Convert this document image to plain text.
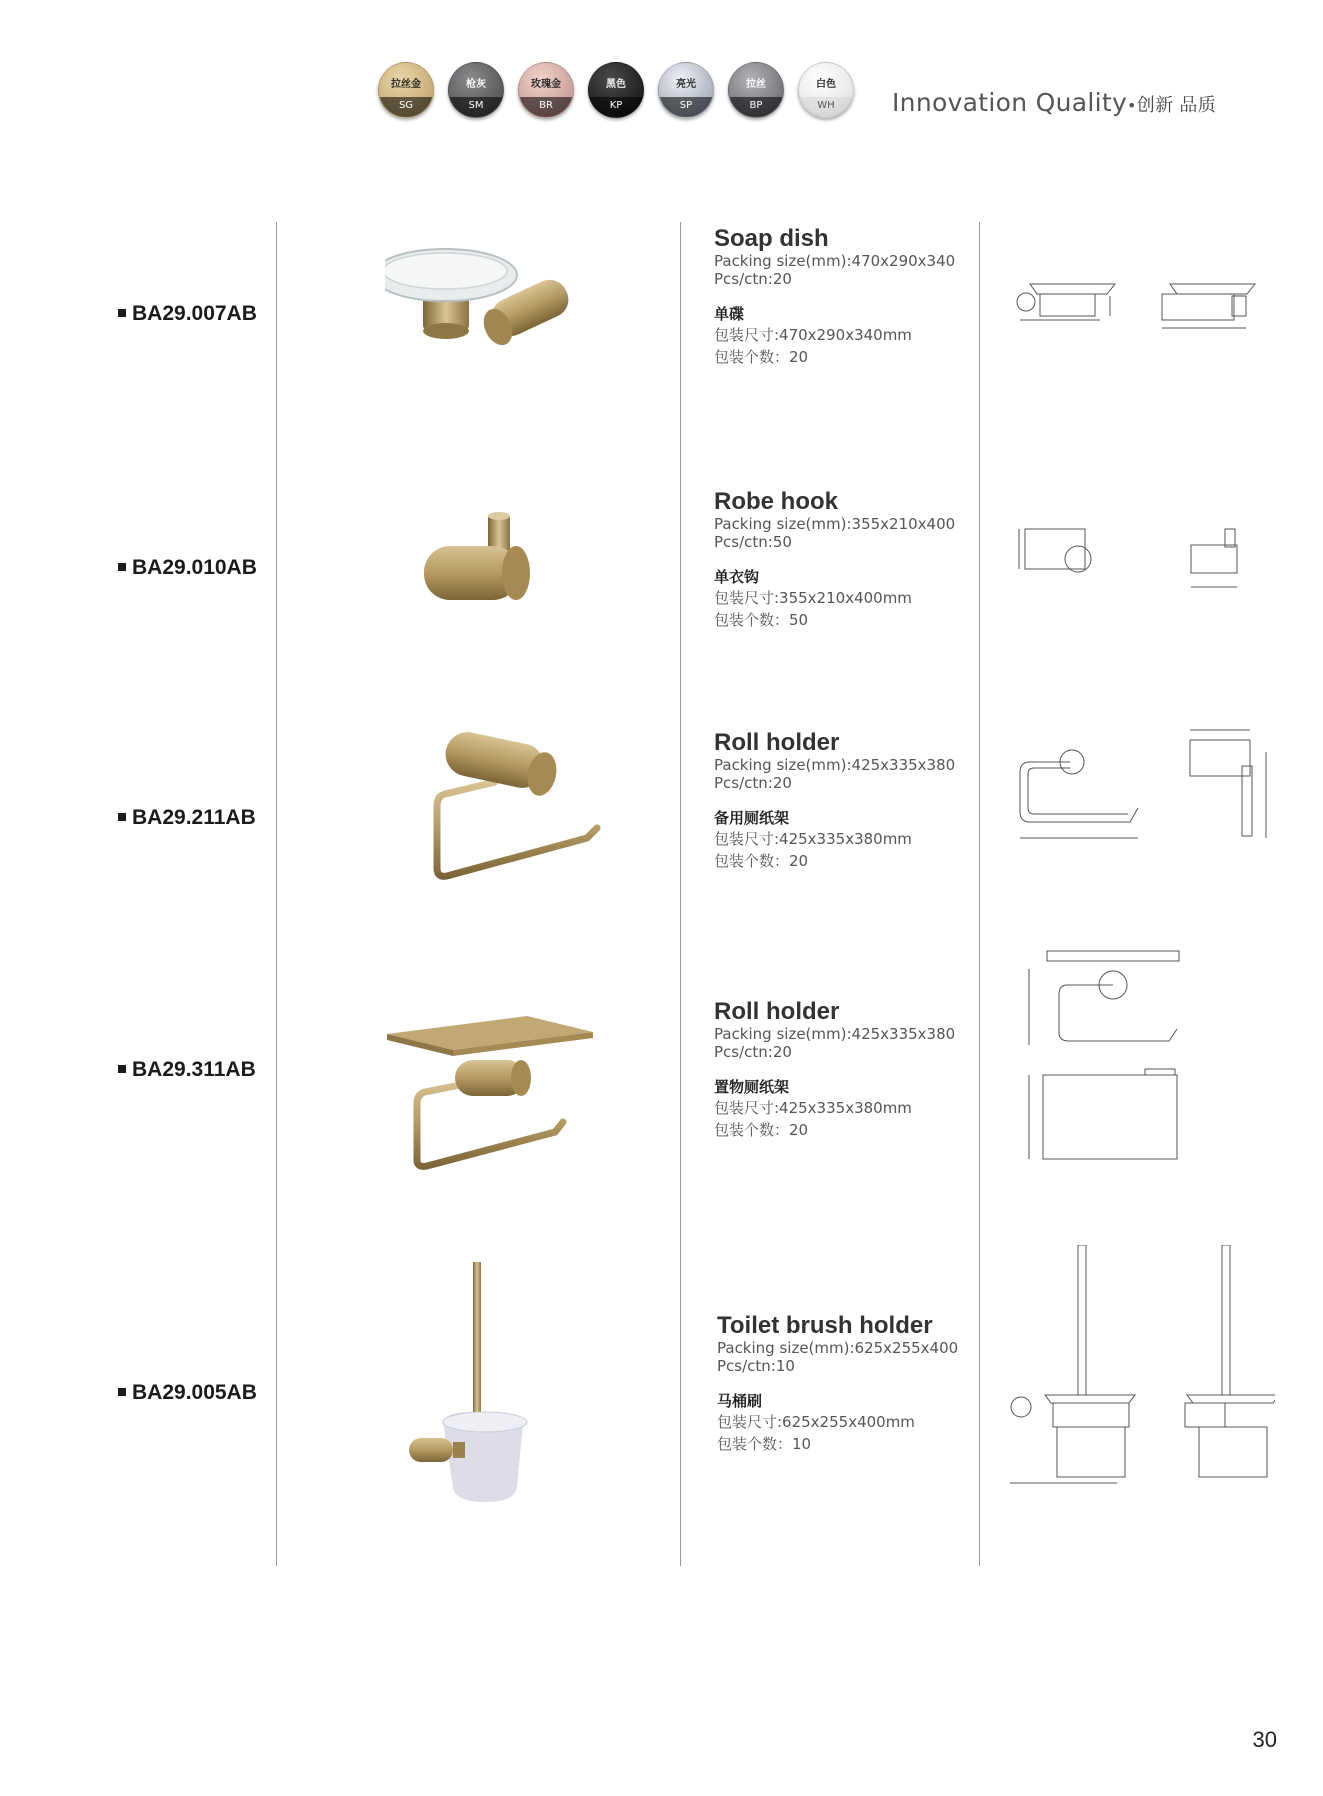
拉丝金
SG
枪灰
SM
玫瑰金
BR
黑色
KP
亮光
SP
拉丝
BP
白色
WH	Innovation Quality•创新 品质
BA29.007AB
Soap dish
Packing size(mm):470x290x340
Pcs/ctn:20
单碟
包装尺寸:470x290x340mm
包装个数：20
BA29.010AB
Robe hook
Packing size(mm):355x210x400
Pcs/ctn:50
单衣钩
包装尺寸:355x210x400mm
包装个数：50
BA29.211AB
Roll holder
Packing size(mm):425x335x380
Pcs/ctn:20
备用厕纸架
包装尺寸:425x335x380mm
包装个数：20
BA29.311AB
Roll holder
Packing size(mm):425x335x380
Pcs/ctn:20
置物厕纸架
包装尺寸:425x335x380mm
包装个数：20
BA29.005AB
Toilet brush holder
Packing size(mm):625x255x400
Pcs/ctn:10
马桶刷
包装尺寸:625x255x400mm
包装个数：10
30
